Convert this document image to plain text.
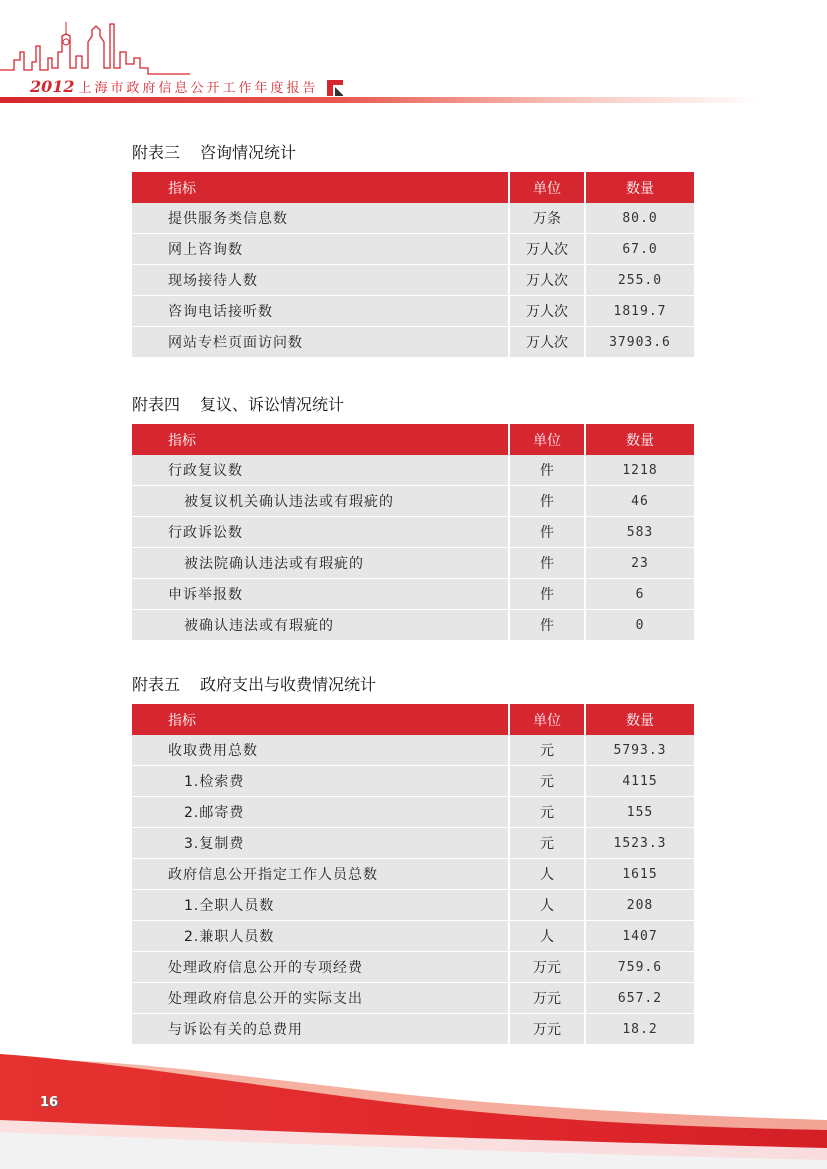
2012 上海市政府信息公开工作年度报告
附表三 咨询情况统计
指标	单位	数量
提供服务类信息数	万条	80.0
网上咨询数	万人次	67.0
现场接待人数	万人次	255.0
咨询电话接听数	万人次	1819.7
网站专栏页面访问数	万人次	37903.6
附表四 复议、诉讼情况统计
指标	单位	数量
行政复议数	件	1218
被复议机关确认违法或有瑕疵的	件	46
行政诉讼数	件	583
被法院确认违法或有瑕疵的	件	23
申诉举报数	件	6
被确认违法或有瑕疵的	件	0
附表五 政府支出与收费情况统计
指标	单位	数量
收取费用总数	元	5793.3
1.检索费	元	4115
2.邮寄费	元	155
3.复制费	元	1523.3
政府信息公开指定工作人员总数	人	1615
1.全职人员数	人	208
2.兼职人员数	人	1407
处理政府信息公开的专项经费	万元	759.6
处理政府信息公开的实际支出	万元	657.2
与诉讼有关的总费用	万元	18.2
16
